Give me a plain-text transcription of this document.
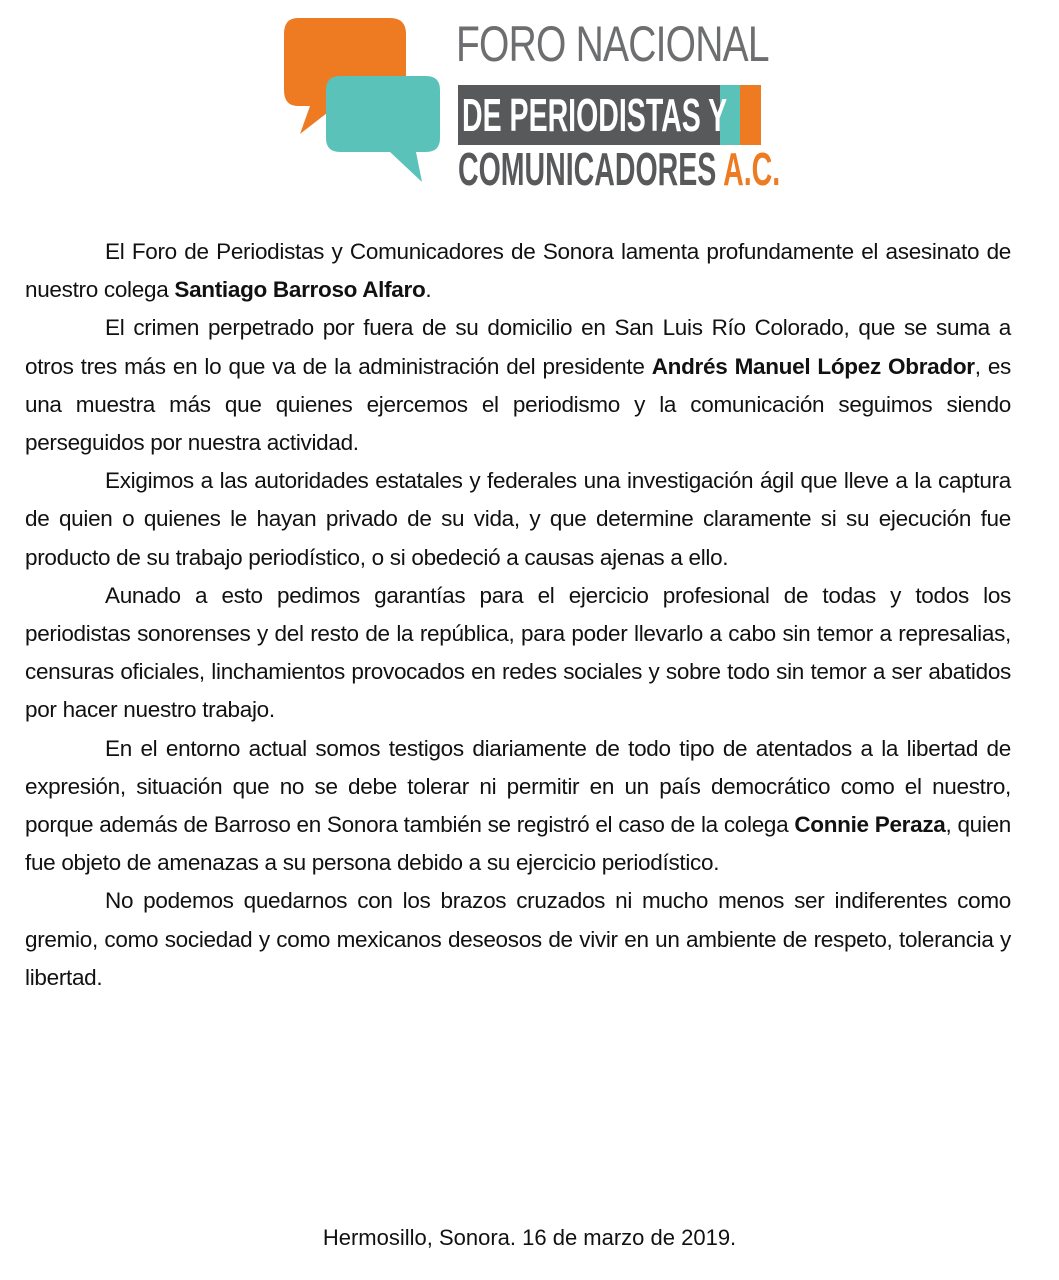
FORO NACIONAL
DE PERIODISTAS Y
COMUNICADORES A.C.

El Foro de Periodistas y Comunicadores de Sonora lamenta profundamente el asesinato de nuestro colega Santiago Barroso Alfaro.

El crimen perpetrado por fuera de su domicilio en San Luis Río Colorado, que se suma a otros tres más en lo que va de la administración del presidente Andrés Manuel López Obrador, es una muestra más que quienes ejercemos el periodismo y la comunicación seguimos siendo perseguidos por nuestra actividad.

Exigimos a las autoridades estatales y federales una investigación ágil que lleve a la captura de quien o quienes le hayan privado de su vida, y que determine claramente si su ejecución fue producto de su trabajo periodístico, o si obedeció a causas ajenas a ello.

Aunado a esto pedimos garantías para el ejercicio profesional de todas y todos los periodistas sonorenses y del resto de la república, para poder llevarlo a cabo sin temor a represalias, censuras oficiales, linchamientos provocados en redes sociales y sobre todo sin temor a ser abatidos por hacer nuestro trabajo.

En el entorno actual somos testigos diariamente de todo tipo de atentados a la libertad de expresión, situación que no se debe tolerar ni permitir en un país democrático como el nuestro, porque además de Barroso en Sonora también se registró el caso de la colega Connie Peraza, quien fue objeto de amenazas a su persona debido a su ejercicio periodístico.

No podemos quedarnos con los brazos cruzados ni mucho menos ser indiferentes como gremio, como sociedad y como mexicanos deseosos de vivir en un ambiente de respeto, tolerancia y libertad.

Hermosillo, Sonora. 16 de marzo de 2019.
